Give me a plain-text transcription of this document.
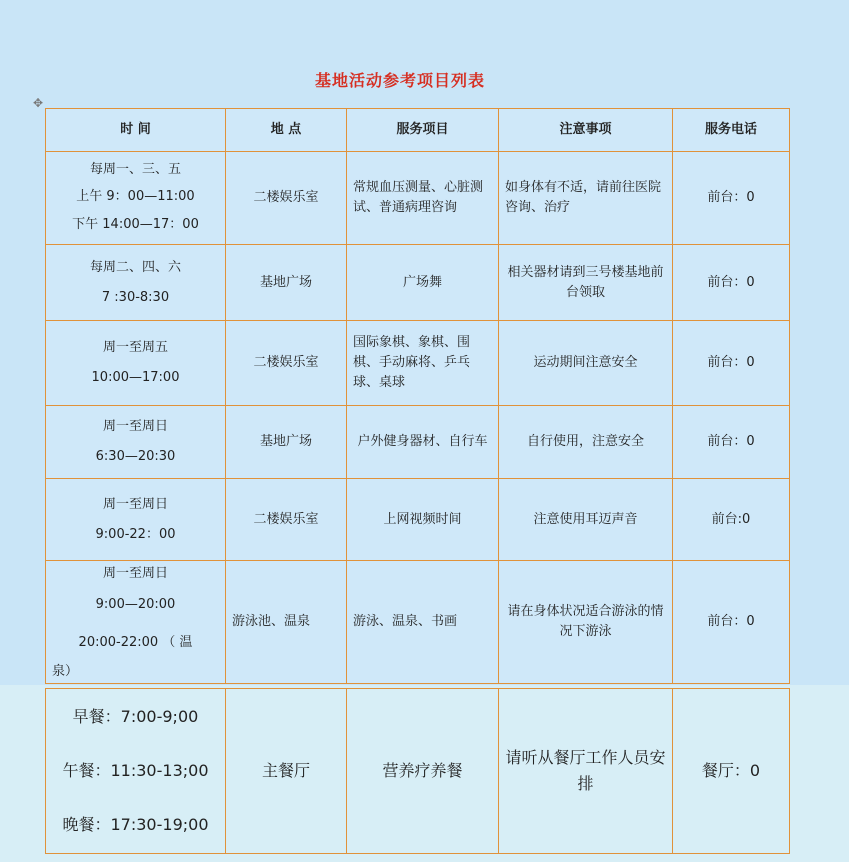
基地活动参考项目列表
✥
时 间	地 点	服务项目	注意事项	服务电话

每周一、三、五
上午 9：00—11:00
下午 14:00—17：00	二楼娱乐室	常规血压测量、心脏测试、普通病理咨询	如身体有不适，请前往医院咨询、治疗	前台：0

每周二、四、六
7 :30-8:30	基地广场	广场舞	相关器材请到三号楼基地前台领取	前台：0

周一至周五
10:00—17:00	二楼娱乐室	国际象棋、象棋、围棋、手动麻将、乒乓球、桌球	运动期间注意安全	前台：0

周一至周日
6:30—20:30	基地广场	户外健身器材、自行车	自行使用，注意安全	前台：0

周一至周日
9:00-22：00	二楼娱乐室	上网视频时间	注意使用耳迈声音	前台:0

周一至周日
9:00—20:00
20:00-22:00 （ 温
泉）	游泳池、温泉	游泳、温泉、书画	请在身体状况适合游泳的情况下游泳	前台：0
早餐：7:00-9;00
午餐：11:30-13;00
晚餐：17:30-19;00
	主餐厅	营养疗养餐	请听从餐厅工作人员安排	餐厅：0
